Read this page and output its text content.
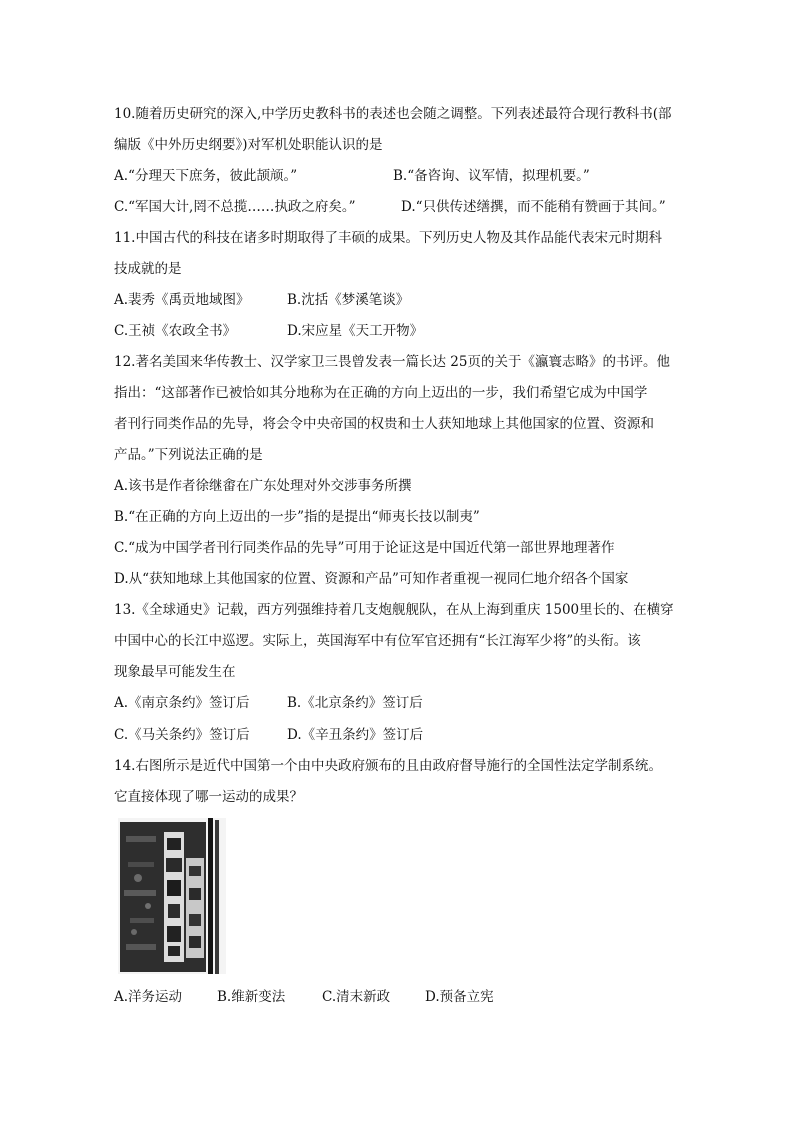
10.随着历史研究的深入,中学历史教科书的表述也会随之调整。下列表述最符合现行教科书(部
编版《中外历史纲要》)对军机处职能认识的是
A.“分理天下庶务，彼此颉颃。”	B.“备咨询、议军情，拟理机要。”
C.“军国大计,罔不总揽……执政之府矣。”	D.“只供传述缮撰，而不能稍有赞画于其间。”
11.中国古代的科技在诸多时期取得了丰硕的成果。下列历史人物及其作品能代表宋元时期科
技成就的是
A.裴秀《禹贡地域图》	B.沈括《梦溪笔谈》
C.王祯《农政全书》	D.宋应星《天工开物》
12.著名美国来华传教士、汉学家卫三畏曾发表一篇长达 25页的关于《瀛寰志略》的书评。他
指出：“这部著作已被恰如其分地称为在正确的方向上迈出的一步，我们希望它成为中国学
者刊行同类作品的先导，将会令中央帝国的权贵和士人获知地球上其他国家的位置、资源和
产品。”下列说法正确的是
A.该书是作者徐继畬在广东处理对外交涉事务所撰
B.“在正确的方向上迈出的一步”指的是提出“师夷长技以制夷”
C.“成为中国学者刊行同类作品的先导”可用于论证这是中国近代第一部世界地理著作
D.从“获知地球上其他国家的位置、资源和产品”可知作者重视一视同仁地介绍各个国家
13.《全球通史》记载，西方列强维持着几支炮舰舰队，在从上海到重庆 1500里长的、在横穿
中国中心的长江中巡逻。实际上，英国海军中有位军官还拥有“长江海军少将”的头衔。该
现象最早可能发生在
A.《南京条约》签订后	B.《北京条约》签订后
C.《马关条约》签订后	D.《辛丑条约》签订后
14.右图所示是近代中国第一个由中央政府颁布的且由政府督导施行的全国性法定学制系统。
它直接体现了哪一运动的成果？
A.洋务运动	B.维新变法	C.清末新政	D.预备立宪
